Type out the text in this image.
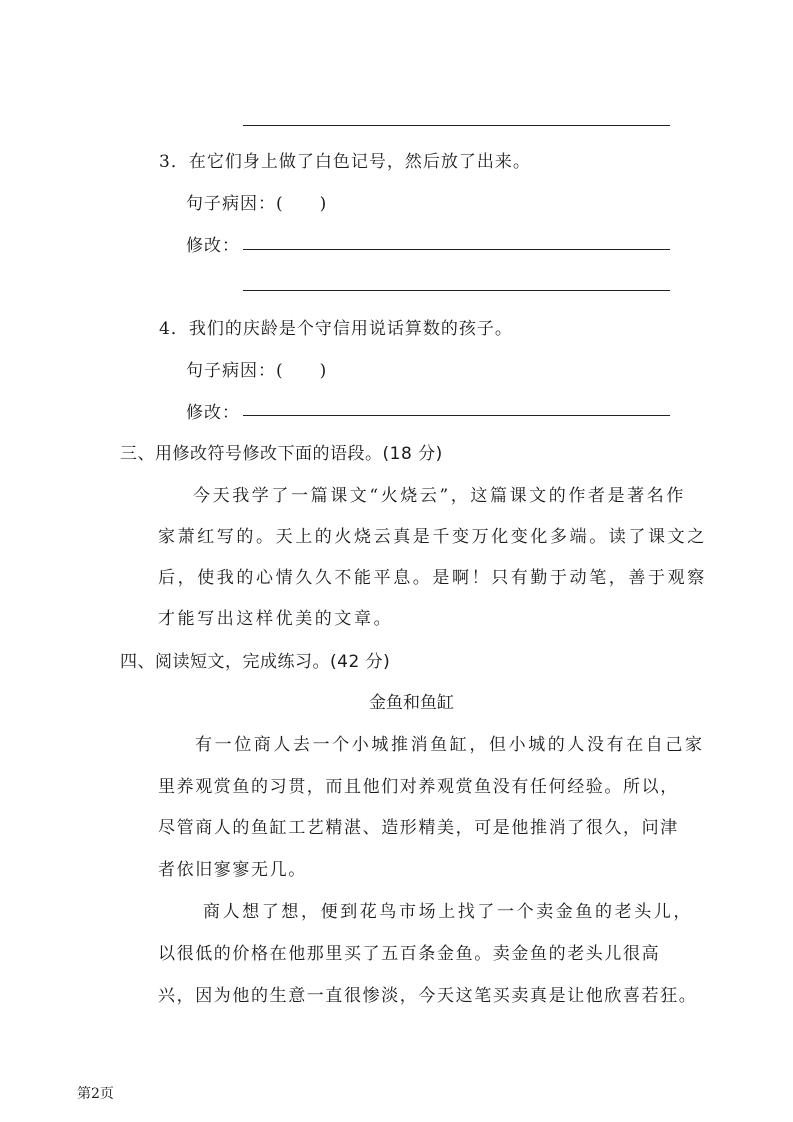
3．在它们身上做了白色记号，然后放了出来。
句子病因：(　　)
修改：
4．我们的庆龄是个守信用说话算数的孩子。
句子病因：(　　)
修改：
三、用修改符号修改下面的语段。(18 分)
今天我学了一篇课文“火烧云”，这篇课文的作者是著名作
家萧红写的。天上的火烧云真是千变万化变化多端。读了课文之
后，使我的心情久久不能平息。是啊！只有勤于动笔，善于观察
才能写出这样优美的文章。
四、阅读短文，完成练习。(42 分)
金鱼和鱼缸
有一位商人去一个小城推消鱼缸，但小城的人没有在自己家
里养观赏鱼的习贯，而且他们对养观赏鱼没有任何经验。所以，
尽管商人的鱼缸工艺精湛、造形精美，可是他推消了很久，问津
者依旧寥寥无几。
商人想了想，便到花鸟市场上找了一个卖金鱼的老头儿，
以很低的价格在他那里买了五百条金鱼。卖金鱼的老头儿很高
兴，因为他的生意一直很惨淡，今天这笔买卖真是让他欣喜若狂。
第2页
